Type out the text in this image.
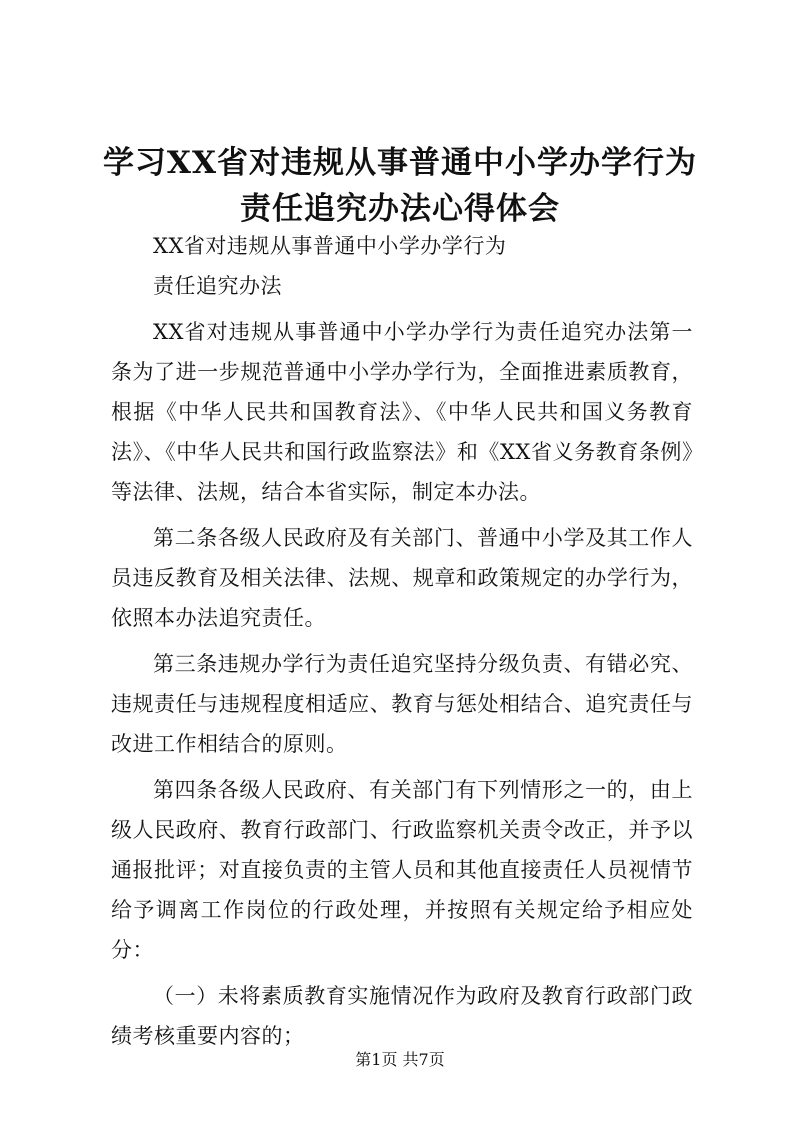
学习XX省对违规从事普通中小学办学行为责任追究办法心得体会

XX省对违规从事普通中小学办学行为

责任追究办法

XX省对违规从事普通中小学办学行为责任追究办法第一条为了进一步规范普通中小学办学行为，全面推进素质教育，根据《中华人民共和国教育法》、《中华人民共和国义务教育法》、《中华人民共和国行政监察法》和《XX省义务教育条例》等法律、法规，结合本省实际，制定本办法。

第二条各级人民政府及有关部门、普通中小学及其工作人员违反教育及相关法律、法规、规章和政策规定的办学行为，依照本办法追究责任。

第三条违规办学行为责任追究坚持分级负责、有错必究、违规责任与违规程度相适应、教育与惩处相结合、追究责任与改进工作相结合的原则。

第四条各级人民政府、有关部门有下列情形之一的，由上级人民政府、教育行政部门、行政监察机关责令改正，并予以通报批评；对直接负责的主管人员和其他直接责任人员视情节给予调离工作岗位的行政处理，并按照有关规定给予相应处分：

（一）未将素质教育实施情况作为政府及教育行政部门政绩考核重要内容的；

第1页 共7页
